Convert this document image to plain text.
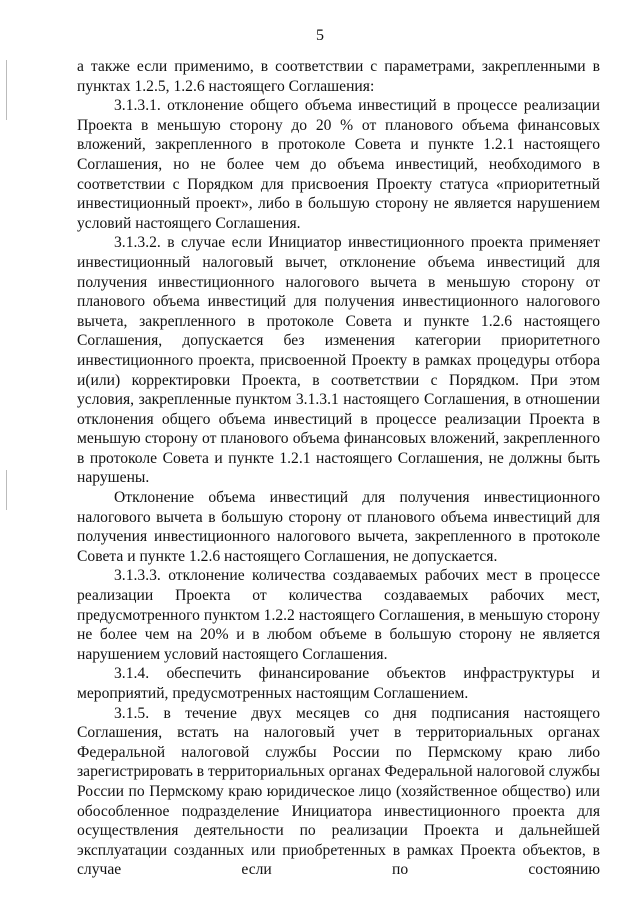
5

а также если применимо, в соответствии с параметрами, закрепленными в пунктах 1.2.5, 1.2.6 настоящего Соглашения:

3.1.3.1. отклонение общего объема инвестиций в процессе реализации Проекта в меньшую сторону до 20 % от планового объема финансовых вложений, закрепленного в протоколе Совета и пункте 1.2.1 настоящего Соглашения, но не более чем до объема инвестиций, необходимого в соответствии с Порядком для присвоения Проекту статуса «приоритетный инвестиционный проект», либо в большую сторону не является нарушением условий настоящего Соглашения.

3.1.3.2. в случае если Инициатор инвестиционного проекта применяет инвестиционный налоговый вычет, отклонение объема инвестиций для получения инвестиционного налогового вычета в меньшую сторону от планового объема инвестиций для получения инвестиционного налогового вычета, закрепленного в протоколе Совета и пункте 1.2.6 настоящего Соглашения, допускается без изменения категории приоритетного инвестиционного проекта, присвоенной Проекту в рамках процедуры отбора и(или) корректировки Проекта, в соответствии с Порядком. При этом условия, закрепленные пунктом 3.1.3.1 настоящего Соглашения, в отношении отклонения общего объема инвестиций в процессе реализации Проекта в меньшую сторону от планового объема финансовых вложений, закрепленного в протоколе Совета и пункте 1.2.1 настоящего Соглашения, не должны быть нарушены.

Отклонение объема инвестиций для получения инвестиционного налогового вычета в большую сторону от планового объема инвестиций для получения инвестиционного налогового вычета, закрепленного в протоколе Совета и пункте 1.2.6 настоящего Соглашения, не допускается.

3.1.3.3. отклонение количества создаваемых рабочих мест в процессе реализации Проекта от количества создаваемых рабочих мест, предусмотренного пунктом 1.2.2 настоящего Соглашения, в меньшую сторону не более чем на 20% и в любом объеме в большую сторону не является нарушением условий настоящего Соглашения.

3.1.4. обеспечить финансирование объектов инфраструктуры и мероприятий, предусмотренных настоящим Соглашением.

3.1.5. в течение двух месяцев со дня подписания настоящего Соглашения, встать на налоговый учет в территориальных органах Федеральной налоговой службы России по Пермскому краю либо зарегистрировать в территориальных органах Федеральной налоговой службы России по Пермскому краю юридическое лицо (хозяйственное общество) или обособленное подразделение Инициатора инвестиционного проекта для осуществления деятельности по реализации Проекта и дальнейшей эксплуатации созданных или приобретенных в рамках Проекта объектов, в случае если по состоянию
